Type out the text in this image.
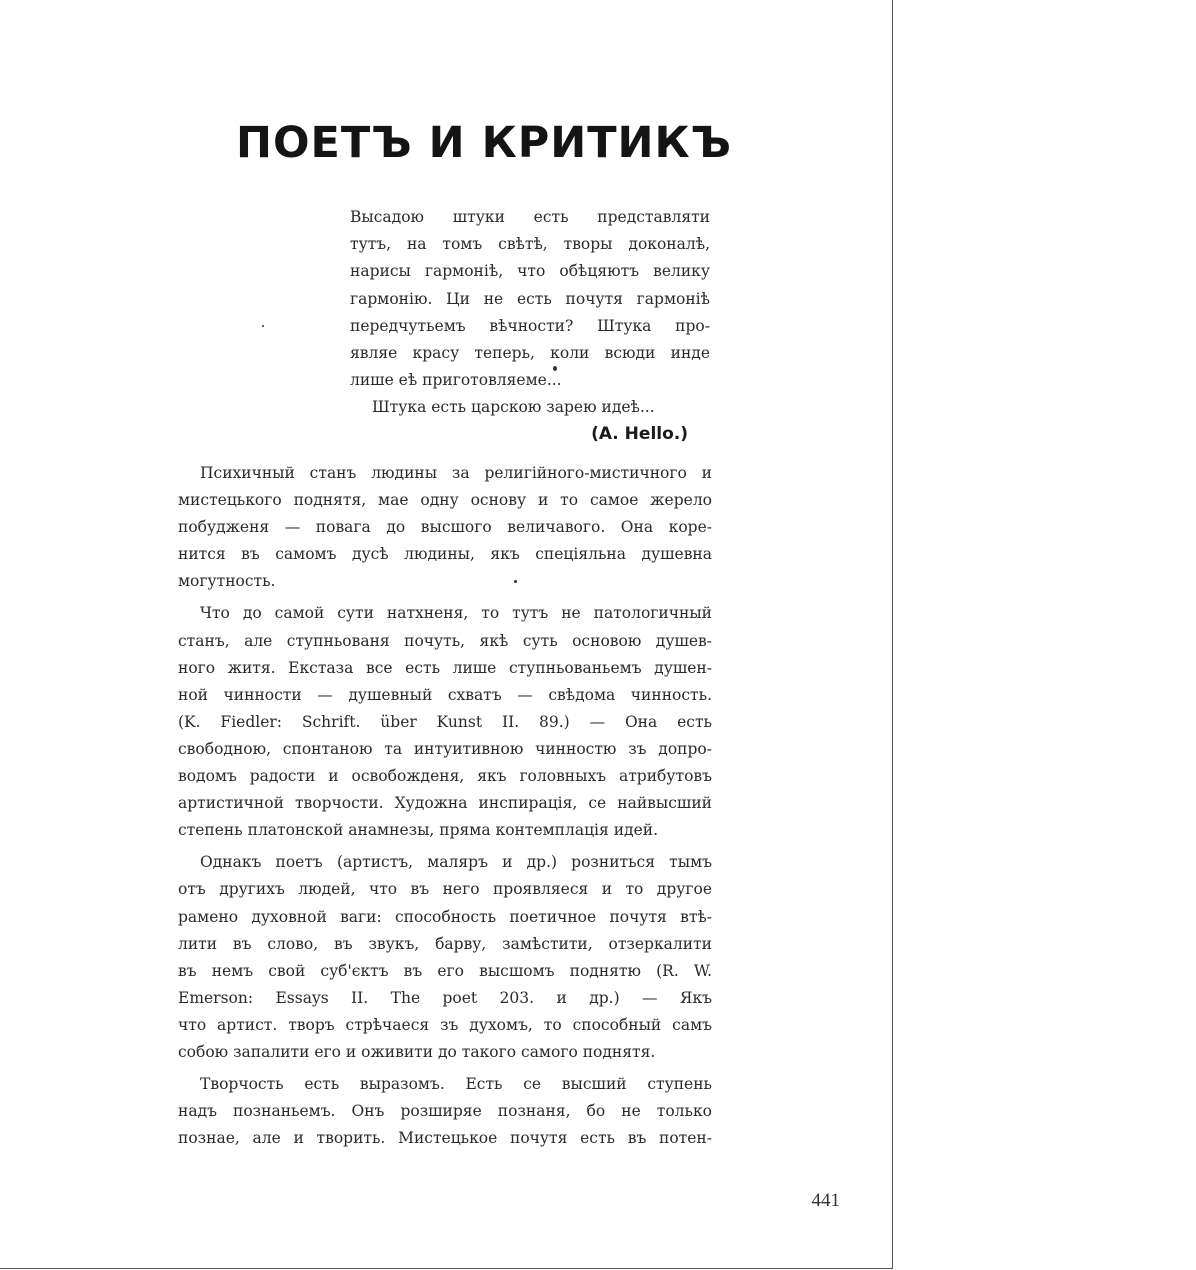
ПОЕТЪ И КРИТИКЪ
Высадою штуки есть представляти
тутъ, на томъ свѣтѣ, творы доконалѣ,
нарисы гармонiѣ, что обѣцяютъ велику
гармонiю. Ци не есть почутя гармонiѣ
передчутьемъ вѣчности? Штука про-
являе красу теперь, коли всюди инде
лише еѣ приготовляеме...
Штука есть царскою зарею идеѣ...
(A. Hello.)
Психичный станъ людины за религiйного-мистичного и
мистецького поднятя, мае одну основу и то самое жерело
побудженя — повага до высшого величавого. Она коре-
нится въ самомъ дусѣ людины, якъ спецiяльна душевна
могутность.
Что до самой сути натхненя, то тутъ не патологичный
станъ, але ступньованя почуть, якѣ суть основою душев-
ного житя. Екстаза все есть лише ступньованьемъ душен-
ной чинности — душевный схватъ — свѣдома чинность.
(K. Fiedler: Schrift. über Kunst II. 89.) — Она есть
свободною, спонтаною та интуитивною чинностю зъ допро-
водомъ радости и освобожденя, якъ головныхъ атрибутовъ
артистичной творчости. Художна инспирацiя, се найвысший
степень платонской анамнезы, пряма контемплацiя идей.
Однакъ поетъ (артистъ, маляръ и др.) розниться тымъ
отъ другихъ людей, что въ него проявляеся и то другое
рамено духовной ваги: способность поетичное почутя втѣ-
лити въ слово, въ звукъ, барву, замѣстити, отзеркалити
въ немъ свой суб'єктъ въ его высшомъ поднятю (R. W.
Emerson: Essays II. The poet 203. и др.) — Якъ
что артист. творъ стрѣчаеся зъ духомъ, то способный самъ
собою запалити его и оживити до такого самого поднятя.
Творчость есть выразомъ. Есть се высший ступень
надъ познаньемъ. Онъ розширяе познаня, бо не только
познае, але и творить. Мистецькое почутя есть въ потен-
441
